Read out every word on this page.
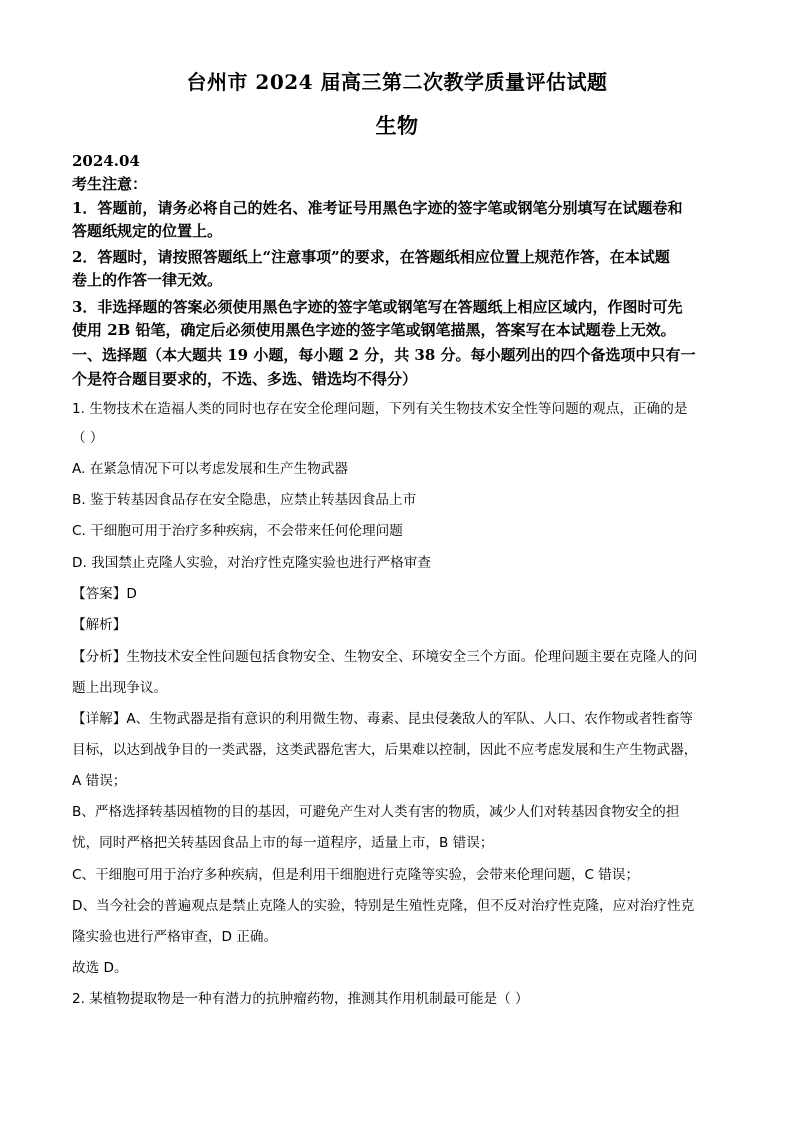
台州市 2024 届高三第二次教学质量评估试题
生物
2024.04
考生注意：
1．答题前，请务必将自己的姓名、准考证号用黑色字迹的签字笔或钢笔分别填写在试题卷和
答题纸规定的位置上。
2．答题时，请按照答题纸上“注意事项”的要求，在答题纸相应位置上规范作答，在本试题
卷上的作答一律无效。
3．非选择题的答案必须使用黑色字迹的签字笔或钢笔写在答题纸上相应区域内，作图时可先
使用 2B 铅笔，确定后必须使用黑色字迹的签字笔或钢笔描黑，答案写在本试题卷上无效。
一、选择题（本大题共 19 小题，每小题 2 分，共 38 分。每小题列出的四个备选项中只有一
个是符合题目要求的，不选、多选、错选均不得分）
1. 生物技术在造福人类的同时也存在安全伦理问题，下列有关生物技术安全性等问题的观点，正确的是
（ ）
A. 在紧急情况下可以考虑发展和生产生物武器
B. 鉴于转基因食品存在安全隐患，应禁止转基因食品上市
C. 干细胞可用于治疗多种疾病，不会带来任何伦理问题
D. 我国禁止克隆人实验，对治疗性克隆实验也进行严格审查
【答案】D
【解析】
【分析】生物技术安全性问题包括食物安全、生物安全、环境安全三个方面。伦理问题主要在克隆人的问
题上出现争议。
【详解】A、生物武器是指有意识的利用微生物、毒素、昆虫侵袭敌人的军队、人口、农作物或者牲畜等
目标，以达到战争目的一类武器，这类武器危害大，后果难以控制，因此不应考虑发展和生产生物武器，
A 错误；
B、严格选择转基因植物的目的基因，可避免产生对人类有害的物质，减少人们对转基因食物安全的担
忧，同时严格把关转基因食品上市的每一道程序，适量上市，B 错误；
C、干细胞可用于治疗多种疾病，但是利用干细胞进行克隆等实验，会带来伦理问题，C 错误；
D、当今社会的普遍观点是禁止克隆人的实验，特别是生殖性克隆，但不反对治疗性克隆，应对治疗性克
隆实验也进行严格审查，D 正确。
故选 D。
2. 某植物提取物是一种有潜力的抗肿瘤药物，推测其作用机制最可能是（ ）
